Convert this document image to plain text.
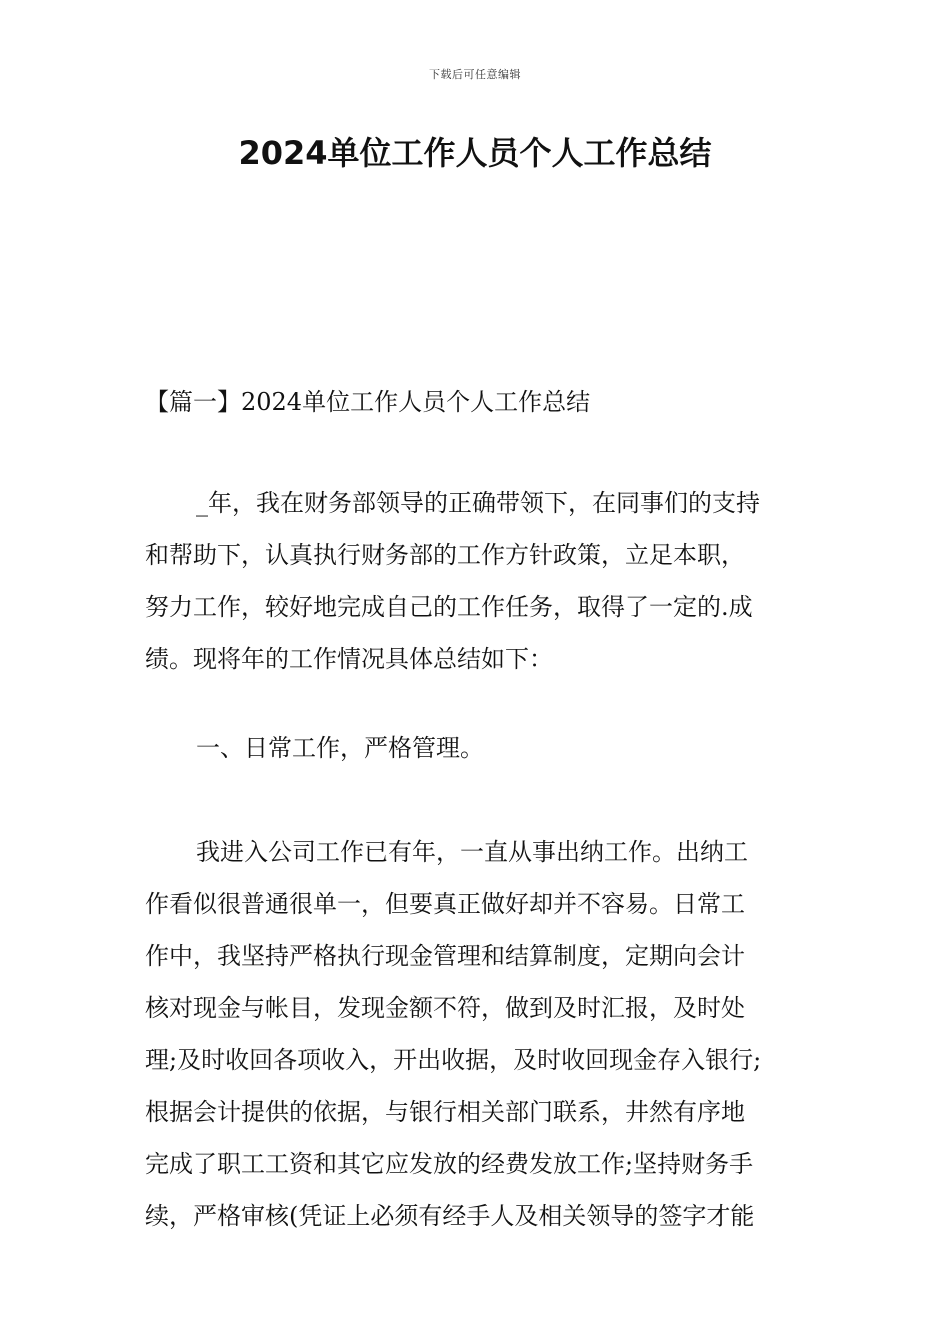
下载后可任意编辑
2024单位工作人员个人工作总结

【篇一】2024单位工作人员个人工作总结

_年，我在财务部领导的正确带领下，在同事们的支持
和帮助下，认真执行财务部的工作方针政策，立足本职，
努力工作，较好地完成自己的工作任务，取得了一定的.成
绩。现将年的工作情况具体总结如下：

一、日常工作，严格管理。

我进入公司工作已有年，一直从事出纳工作。出纳工
作看似很普通很单一，但要真正做好却并不容易。日常工
作中，我坚持严格执行现金管理和结算制度，定期向会计
核对现金与帐目，发现金额不符，做到及时汇报，及时处
理;及时收回各项收入，开出收据，及时收回现金存入银行;
根据会计提供的依据，与银行相关部门联系，井然有序地
完成了职工工资和其它应发放的经费发放工作;坚持财务手
续，严格审核(凭证上必须有经手人及相关领导的签字才能
